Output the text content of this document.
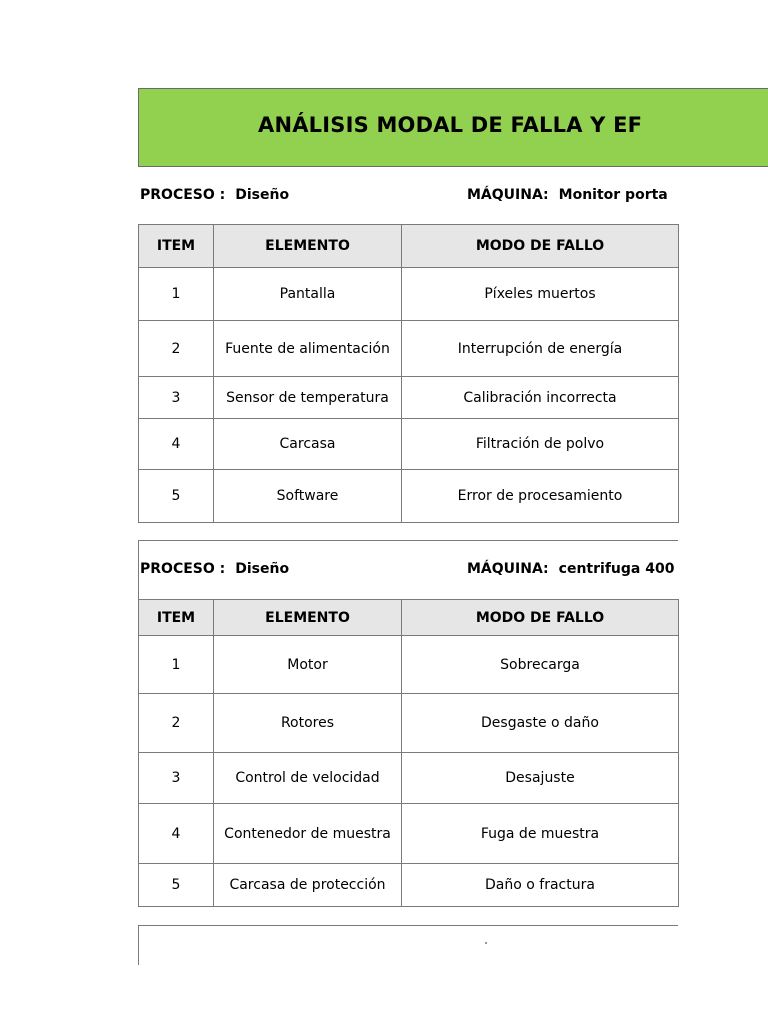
ANÁLISIS MODAL DE FALLA Y EF
PROCESO : Diseño	MÁQUINA: Monitor porta
ITEM	ELEMENTO	MODO DE FALLO
1	Pantalla	Píxeles muertos
2	Fuente de alimentación	Interrupción de energía
3	Sensor de temperatura	Calibración incorrecta
4	Carcasa	Filtración de polvo
5	Software	Error de procesamiento
PROCESO : Diseño	MÁQUINA: centrifuga 400
ITEM	ELEMENTO	MODO DE FALLO
1	Motor	Sobrecarga
2	Rotores	Desgaste o daño
3	Control de velocidad	Desajuste
4	Contenedor de muestra	Fuga de muestra
5	Carcasa de protección	Daño o fractura
